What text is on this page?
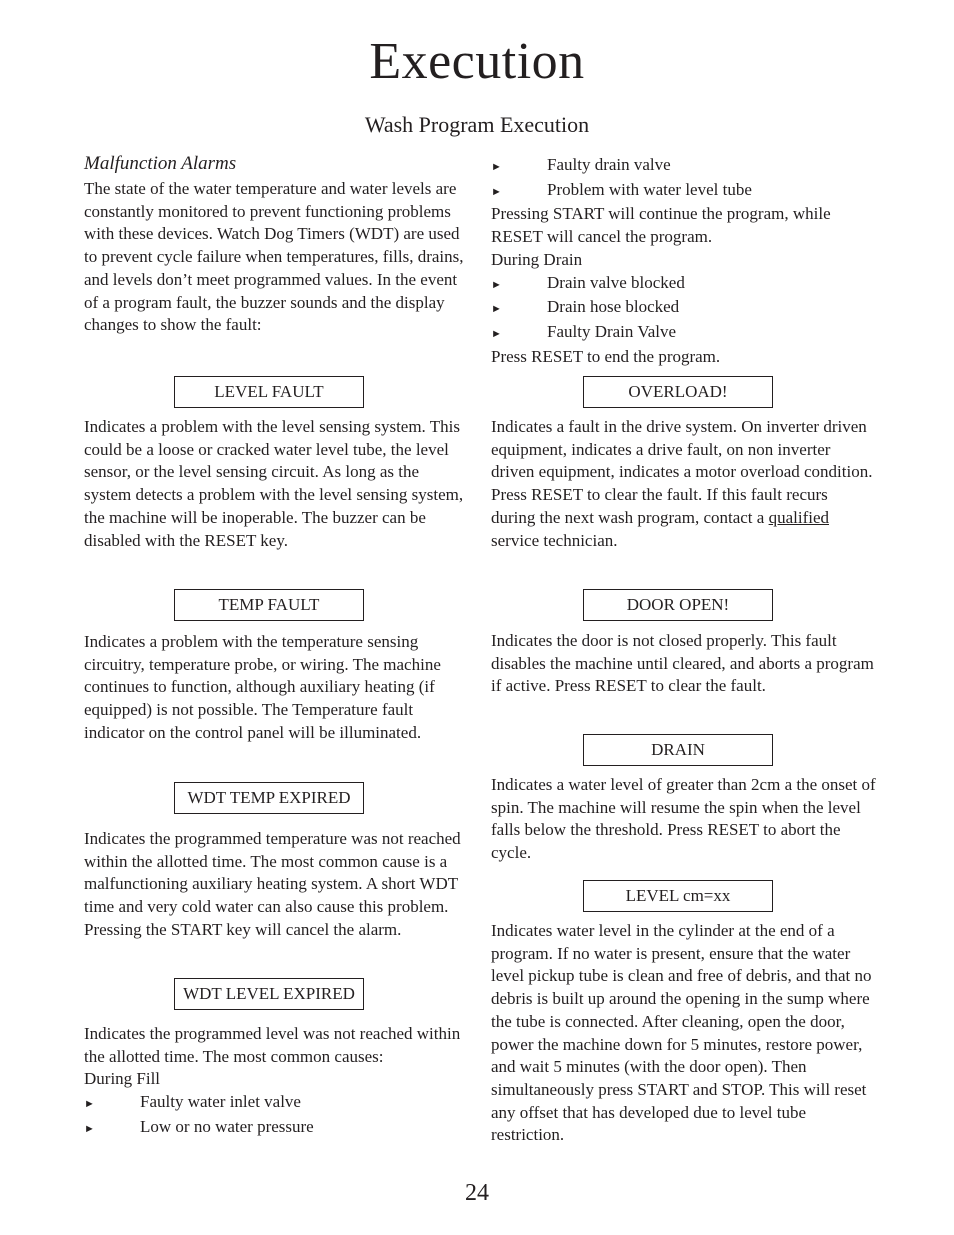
Execution
Wash Program Execution
Malfunction Alarms

The state of the water temperature and water levels are constantly monitored to prevent functioning problems with these devices. Watch Dog Timers (WDT) are used to prevent cycle failure when temperatures, fills, drains, and levels don’t meet programmed values. In the event of a program fault, the buzzer sounds and the display changes to show the fault:

LEVEL FAULT

Indicates a problem with the level sensing system. This could be a loose or cracked water level tube, the level sensor, or the level sensing circuit. As long as the system detects a problem with the level sensing system, the machine will be inoperable. The buzzer can be disabled with the RESET key.

TEMP FAULT

Indicates a problem with the temperature sensing circuitry, temperature probe, or wiring. The machine continues to function, although auxiliary heating (if equipped) is not possible. The Temperature fault indicator on the control panel will be illuminated.

WDT TEMP EXPIRED

Indicates the programmed temperature was not reached within the allotted time. The most common cause is a malfunctioning auxiliary heating system. A short WDT time and very cold water can also cause this problem. Pressing the START key will cancel the alarm.

WDT LEVEL EXPIRED

Indicates the programmed level was not reached within the allotted time. The most common causes:

During Fill

►	Faulty water inlet valve
►	Low or no water pressure
►	Faulty drain valve
►	Problem with water level tube

Pressing START will continue the program, while RESET will cancel the program.

During Drain

►	Drain valve blocked
►	Drain hose blocked
►	Faulty Drain Valve

Press RESET to end the program.

OVERLOAD!

Indicates a fault in the drive system. On inverter driven equipment, indicates a drive fault, on non inverter driven equipment, indicates a motor overload condition. Press RESET to clear the fault. If this fault recurs during the next wash program, contact a qualified service technician.

DOOR OPEN!

Indicates the door is not closed properly. This fault disables the machine until cleared, and aborts a program if active. Press RESET to clear the fault.

DRAIN

Indicates a water level of greater than 2cm a the onset of spin. The machine will resume the spin when the level falls below the threshold. Press RESET to abort the cycle.

LEVEL cm=xx

Indicates water level in the cylinder at the end of a program. If no water is present, ensure that the water level pickup tube is clean and free of debris, and that no debris is built up around the opening in the sump where the tube is connected. After cleaning, open the door, power the machine down for 5 minutes, restore power, and wait 5 minutes (with the door open). Then simultaneously press START and STOP. This will reset any offset that has developed due to level tube restriction.

24
